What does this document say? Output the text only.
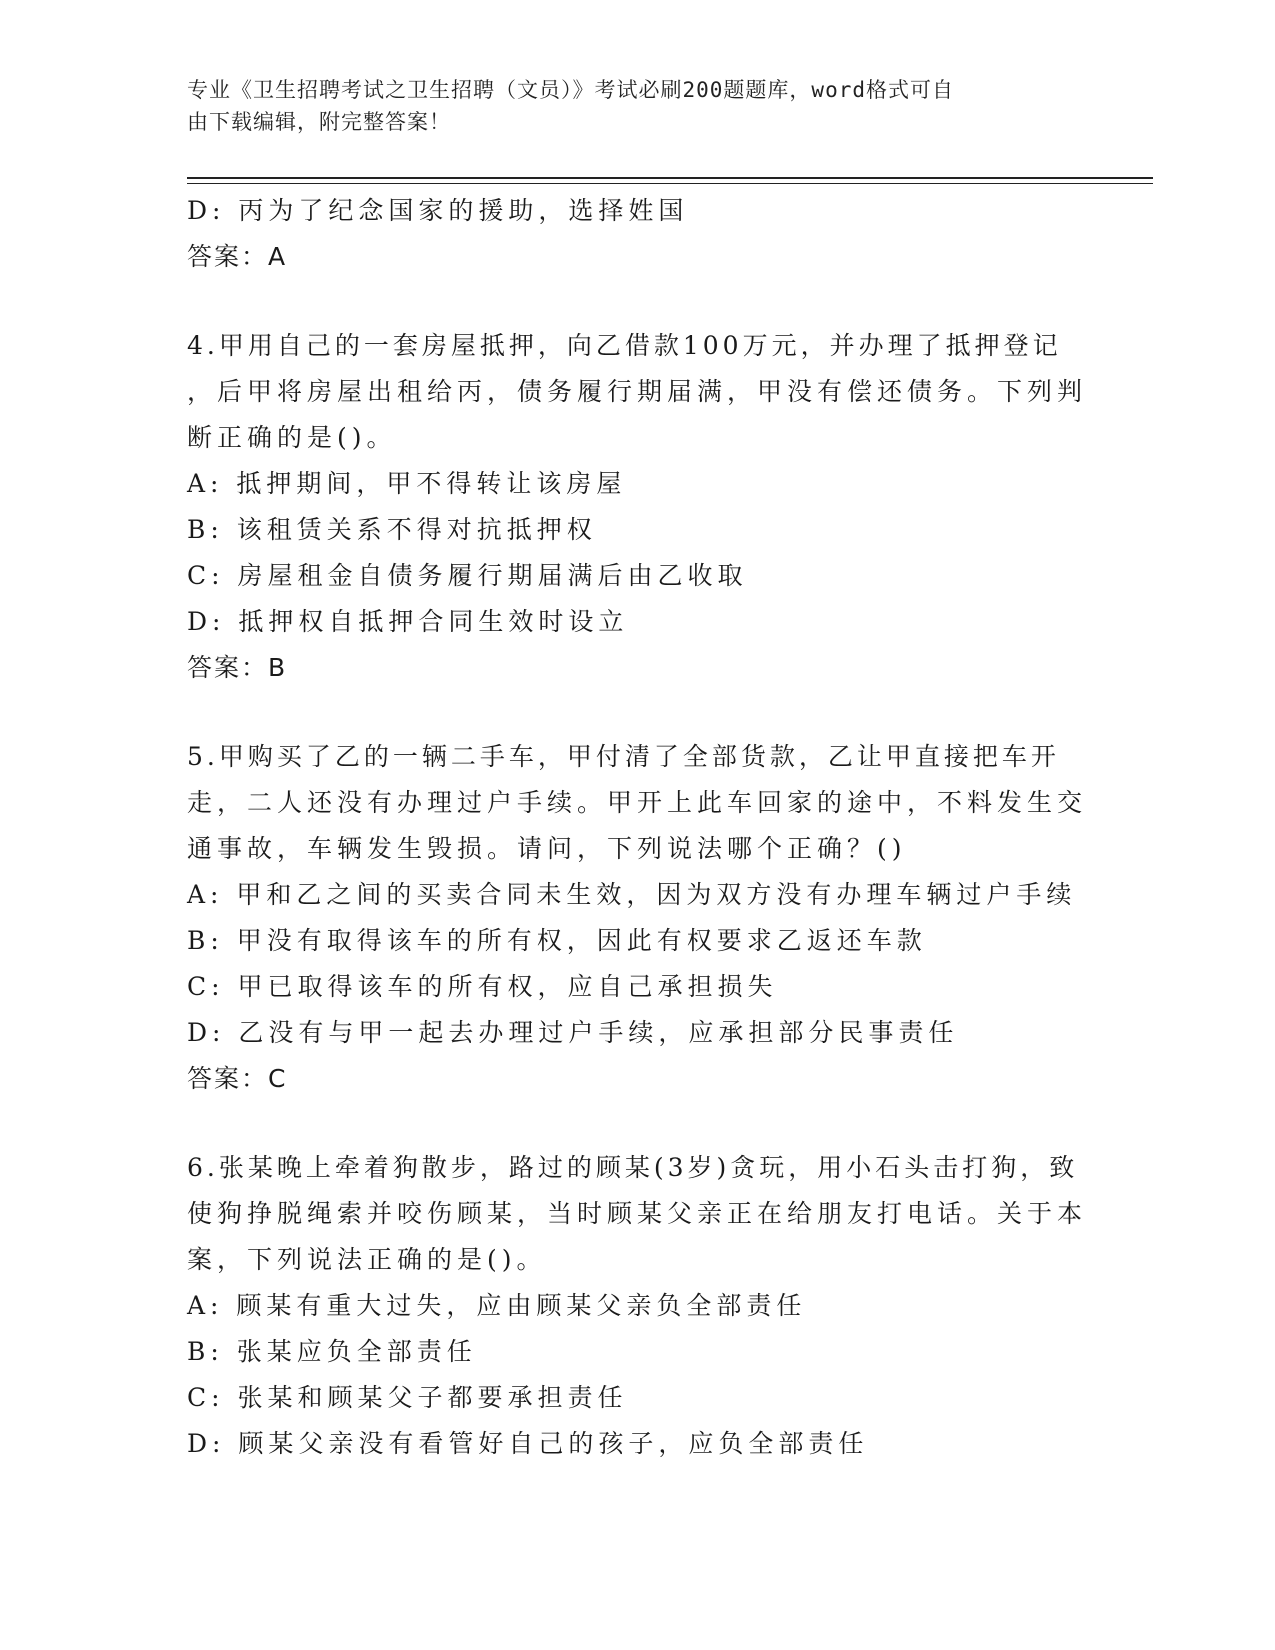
专业《卫生招聘考试之卫生招聘（文员）》考试必刷200题题库，word格式可自
由下载编辑，附完整答案！
D: 丙为了纪念国家的援助，选择姓国
答案：A
4.甲用自己的一套房屋抵押，向乙借款100万元，并办理了抵押登记
，后甲将房屋出租给丙，债务履行期届满，甲没有偿还债务。下列判
断正确的是()。
A: 抵押期间，甲不得转让该房屋
B: 该租赁关系不得对抗抵押权
C: 房屋租金自债务履行期届满后由乙收取
D: 抵押权自抵押合同生效时设立
答案：B
5.甲购买了乙的一辆二手车，甲付清了全部货款，乙让甲直接把车开
走，二人还没有办理过户手续。甲开上此车回家的途中，不料发生交
通事故，车辆发生毁损。请问，下列说法哪个正确？()
A: 甲和乙之间的买卖合同未生效，因为双方没有办理车辆过户手续
B: 甲没有取得该车的所有权，因此有权要求乙返还车款
C: 甲已取得该车的所有权，应自己承担损失
D: 乙没有与甲一起去办理过户手续，应承担部分民事责任
答案：C
6.张某晚上牵着狗散步，路过的顾某(3岁)贪玩，用小石头击打狗，致
使狗挣脱绳索并咬伤顾某，当时顾某父亲正在给朋友打电话。关于本
案，下列说法正确的是()。
A: 顾某有重大过失，应由顾某父亲负全部责任
B: 张某应负全部责任
C: 张某和顾某父子都要承担责任
D: 顾某父亲没有看管好自己的孩子，应负全部责任
